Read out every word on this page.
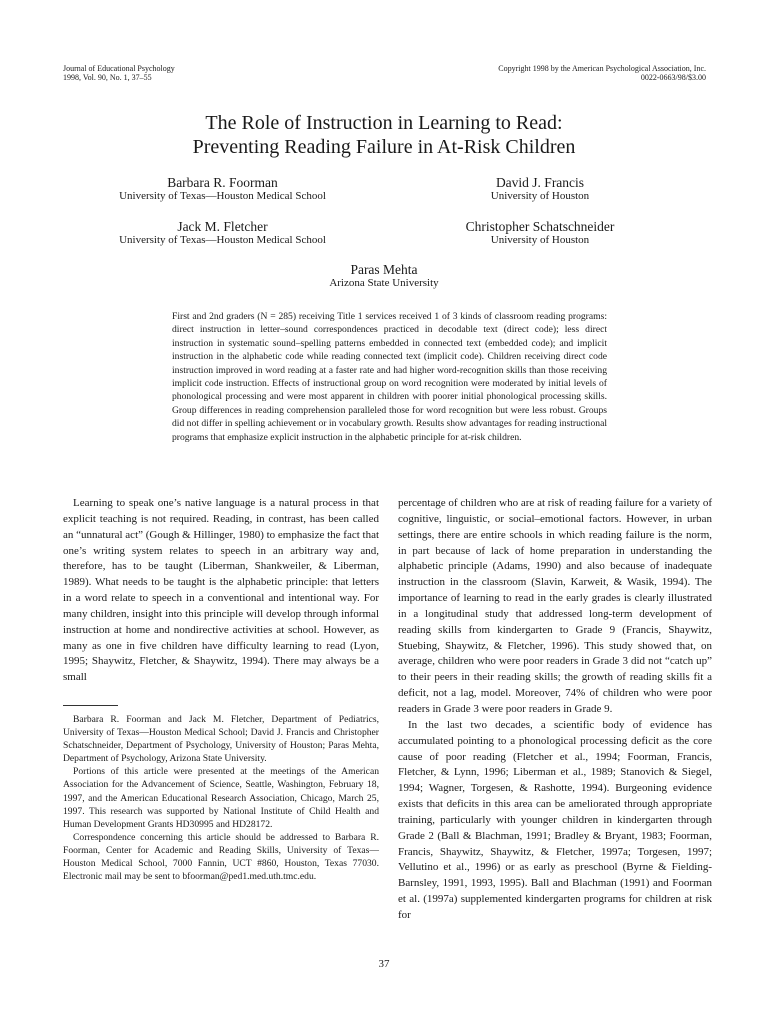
Journal of Educational Psychology
1998, Vol. 90, No. 1, 37–55
Copyright 1998 by the American Psychological Association, Inc.
0022-0663/98/$3.00
The Role of Instruction in Learning to Read:
Preventing Reading Failure in At-Risk Children
Barbara R. Foorman
University of Texas—Houston Medical School
David J. Francis
University of Houston
Jack M. Fletcher
University of Texas—Houston Medical School
Christopher Schatschneider
University of Houston
Paras Mehta
Arizona State University
First and 2nd graders (N = 285) receiving Title 1 services received 1 of 3 kinds of classroom reading programs: direct instruction in letter–sound correspondences practiced in decodable text (direct code); less direct instruction in systematic sound–spelling patterns embedded in connected text (embedded code); and implicit instruction in the alphabetic code while reading connected text (implicit code). Children receiving direct code instruction improved in word reading at a faster rate and had higher word-recognition skills than those receiving implicit code instruction. Effects of instructional group on word recognition were moderated by initial levels of phonological processing and were most apparent in children with poorer initial phonological processing skills. Group differences in reading comprehension paralleled those for word recognition but were less robust. Groups did not differ in spelling achievement or in vocabulary growth. Results show advantages for reading instructional programs that emphasize explicit instruction in the alphabetic principle for at-risk children.

Learning to speak one’s native language is a natural process in that explicit teaching is not required. Reading, in contrast, has been called an “unnatural act” (Gough & Hillinger, 1980) to emphasize the fact that one’s writing system relates to speech in an arbitrary way and, therefore, has to be taught (Liberman, Shankweiler, & Liberman, 1989). What needs to be taught is the alphabetic principle: that letters in a word relate to speech in a conventional and intentional way. For many children, insight into this principle will develop through informal instruction at home and nondirective activities at school. However, as many as one in five children have difficulty learning to read (Lyon, 1995; Shaywitz, Fletcher, & Shaywitz, 1994). There may always be a small

Barbara R. Foorman and Jack M. Fletcher, Department of Pediatrics, University of Texas—Houston Medical School; David J. Francis and Christopher Schatschneider, Department of Psychology, University of Houston; Paras Mehta, Department of Psychology, Arizona State University.

Portions of this article were presented at the meetings of the American Association for the Advancement of Science, Seattle, Washington, February 18, 1997, and the American Educational Research Association, Chicago, March 25, 1997. This research was supported by National Institute of Child Health and Human Development Grants HD30995 and HD28172.

Correspondence concerning this article should be addressed to Barbara R. Foorman, Center for Academic and Reading Skills, University of Texas—Houston Medical School, 7000 Fannin, UCT #860, Houston, Texas 77030. Electronic mail may be sent to bfoorman@ped1.med.uth.tmc.edu.

percentage of children who are at risk of reading failure for a variety of cognitive, linguistic, or social–emotional factors. However, in urban settings, there are entire schools in which reading failure is the norm, in part because of lack of home preparation in understanding the alphabetic principle (Adams, 1990) and also because of inadequate instruction in the classroom (Slavin, Karweit, & Wasik, 1994). The importance of learning to read in the early grades is clearly illustrated in a longitudinal study that addressed long-term development of reading skills from kindergarten to Grade 9 (Francis, Shaywitz, Stuebing, Shaywitz, & Fletcher, 1996). This study showed that, on average, children who were poor readers in Grade 3 did not “catch up” to their peers in their reading skills; the growth of reading skills fit a deficit, not a lag, model. Moreover, 74% of children who were poor readers in Grade 3 were poor readers in Grade 9.

In the last two decades, a scientific body of evidence has accumulated pointing to a phonological processing deficit as the core cause of poor reading (Fletcher et al., 1994; Foorman, Francis, Fletcher, & Lynn, 1996; Liberman et al., 1989; Stanovich & Siegel, 1994; Wagner, Torgesen, & Rashotte, 1994). Burgeoning evidence exists that deficits in this area can be ameliorated through appropriate training, particularly with younger children in kindergarten through Grade 2 (Ball & Blachman, 1991; Bradley & Bryant, 1983; Foorman, Francis, Shaywitz, Shaywitz, & Fletcher, 1997a; Torgesen, 1997; Vellutino et al., 1996) or as early as preschool (Byrne & Fielding-Barnsley, 1991, 1993, 1995). Ball and Blachman (1991) and Foorman et al. (1997a) supplemented kindergarten programs for children at risk for

37
